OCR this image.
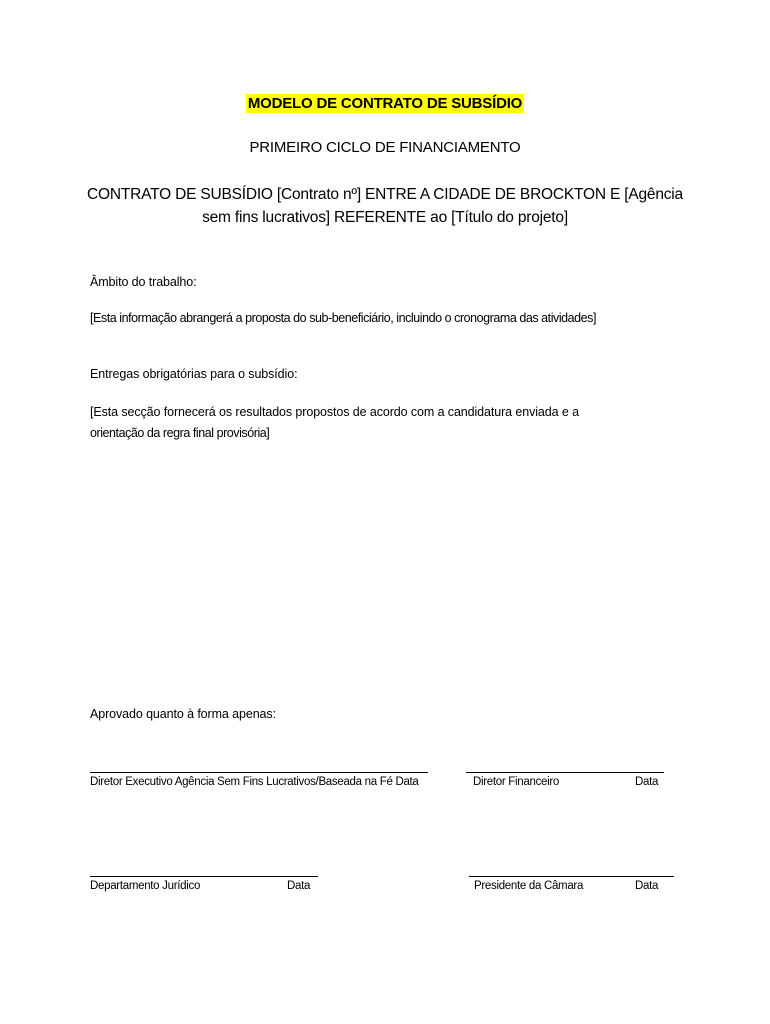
MODELO DE CONTRATO DE SUBSÍDIO
PRIMEIRO CICLO DE FINANCIAMENTO
CONTRATO DE SUBSÍDIO [Contrato nº] ENTRE A CIDADE DE BROCKTON E [Agência
sem fins lucrativos] REFERENTE ao [Título do projeto]
Âmbito do trabalho:
[Esta informação abrangerá a proposta do sub-beneficiário, incluindo o cronograma das atividades]
Entregas obrigatórias para o subsídio:
[Esta secção fornecerá os resultados propostos de acordo com a candidatura enviada e a
orientação da regra final provisória]
Aprovado quanto à forma apenas:
Diretor Executivo Agência Sem Fins Lucrativos/Baseada na Fé Data	Diretor Financeiro	Data
Departamento Jurídico	Data	Presidente da Câmara	Data
